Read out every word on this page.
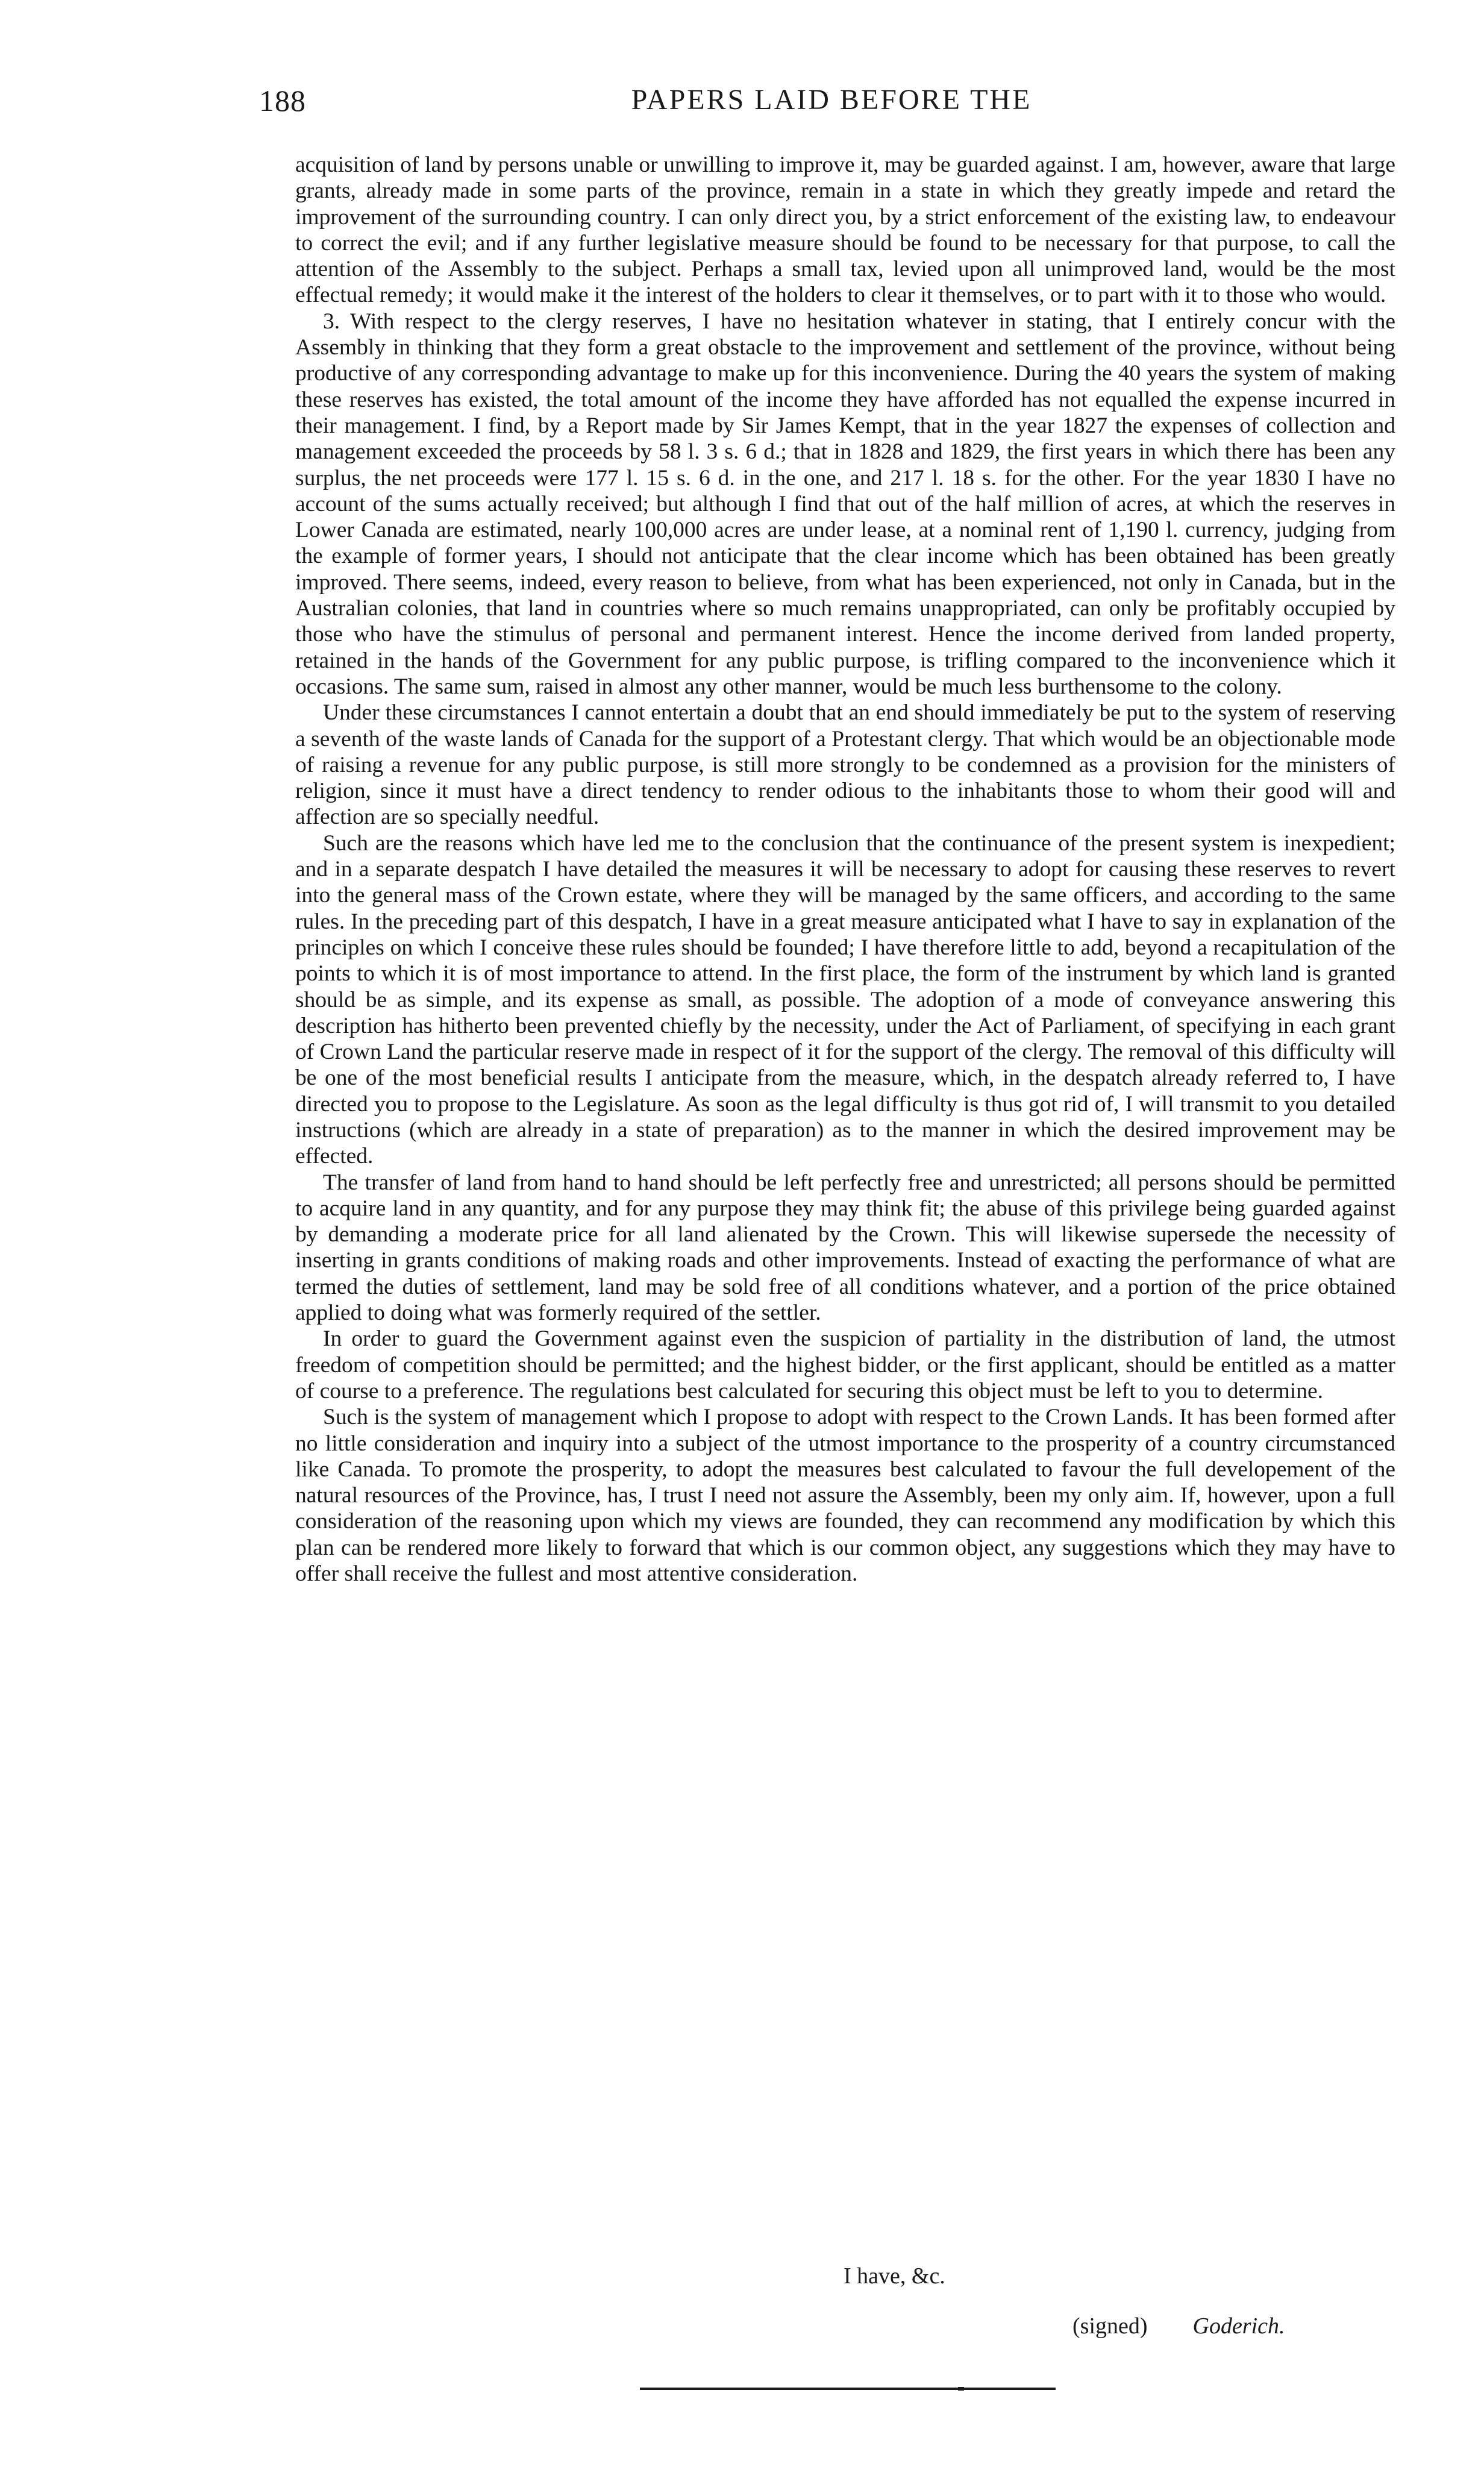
188	PAPERS LAID BEFORE THE

acquisition of land by persons unable or unwilling to improve it, may be guarded against. I am, however, aware that large grants, already made in some parts of the province, remain in a state in which they greatly impede and retard the improvement of the surrounding country. I can only direct you, by a strict enforcement of the existing law, to endeavour to correct the evil; and if any further legislative measure should be found to be necessary for that purpose, to call the attention of the Assembly to the subject. Perhaps a small tax, levied upon all unimproved land, would be the most effectual remedy; it would make it the interest of the holders to clear it themselves, or to part with it to those who would.

3. With respect to the clergy reserves, I have no hesitation whatever in stating, that I entirely concur with the Assembly in thinking that they form a great obstacle to the improvement and settlement of the province, without being productive of any corresponding advantage to make up for this inconvenience. During the 40 years the system of making these reserves has existed, the total amount of the income they have afforded has not equalled the expense incurred in their management. I find, by a Report made by Sir James Kempt, that in the year 1827 the expenses of collection and management exceeded the proceeds by 58 l. 3 s. 6 d.; that in 1828 and 1829, the first years in which there has been any surplus, the net proceeds were 177 l. 15 s. 6 d. in the one, and 217 l. 18 s. for the other. For the year 1830 I have no account of the sums actually received; but although I find that out of the half million of acres, at which the reserves in Lower Canada are estimated, nearly 100,000 acres are under lease, at a nominal rent of 1,190 l. currency, judging from the example of former years, I should not anticipate that the clear income which has been obtained has been greatly improved. There seems, indeed, every reason to believe, from what has been experienced, not only in Canada, but in the Australian colonies, that land in countries where so much remains unappropriated, can only be profitably occupied by those who have the stimulus of personal and permanent interest. Hence the income derived from landed property, retained in the hands of the Government for any public purpose, is trifling compared to the inconvenience which it occasions. The same sum, raised in almost any other manner, would be much less burthensome to the colony.

Under these circumstances I cannot entertain a doubt that an end should immediately be put to the system of reserving a seventh of the waste lands of Canada for the support of a Protestant clergy. That which would be an objectionable mode of raising a revenue for any public purpose, is still more strongly to be condemned as a provision for the ministers of religion, since it must have a direct tendency to render odious to the inhabitants those to whom their good will and affection are so specially needful.

Such are the reasons which have led me to the conclusion that the continuance of the present system is inexpedient; and in a separate despatch I have detailed the measures it will be necessary to adopt for causing these reserves to revert into the general mass of the Crown estate, where they will be managed by the same officers, and according to the same rules. In the preceding part of this despatch, I have in a great measure anticipated what I have to say in explanation of the principles on which I conceive these rules should be founded; I have therefore little to add, beyond a recapitulation of the points to which it is of most importance to attend. In the first place, the form of the instrument by which land is granted should be as simple, and its expense as small, as possible. The adoption of a mode of conveyance answering this description has hitherto been prevented chiefly by the necessity, under the Act of Parliament, of specifying in each grant of Crown Land the particular reserve made in respect of it for the support of the clergy. The removal of this difficulty will be one of the most beneficial results I anticipate from the measure, which, in the despatch already referred to, I have directed you to propose to the Legislature. As soon as the legal difficulty is thus got rid of, I will transmit to you detailed instructions (which are already in a state of preparation) as to the manner in which the desired improvement may be effected.

The transfer of land from hand to hand should be left perfectly free and unrestricted; all persons should be permitted to acquire land in any quantity, and for any purpose they may think fit; the abuse of this privilege being guarded against by demanding a moderate price for all land alienated by the Crown. This will likewise supersede the necessity of inserting in grants conditions of making roads and other improvements. Instead of exacting the performance of what are termed the duties of settlement, land may be sold free of all conditions whatever, and a portion of the price obtained applied to doing what was formerly required of the settler.

In order to guard the Government against even the suspicion of partiality in the distribution of land, the utmost freedom of competition should be permitted; and the highest bidder, or the first applicant, should be entitled as a matter of course to a preference. The regulations best calculated for securing this object must be left to you to determine.

Such is the system of management which I propose to adopt with respect to the Crown Lands. It has been formed after no little consideration and inquiry into a subject of the utmost importance to the prosperity of a country circumstanced like Canada. To promote the prosperity, to adopt the measures best calculated to favour the full developement of the natural resources of the Province, has, I trust I need not assure the Assembly, been my only aim. If, however, upon a full consideration of the reasoning upon which my views are founded, they can recommend any modification by which this plan can be rendered more likely to forward that which is our common object, any suggestions which they may have to offer shall receive the fullest and most attentive consideration.

I have, &c.
(signed) Goderich.
